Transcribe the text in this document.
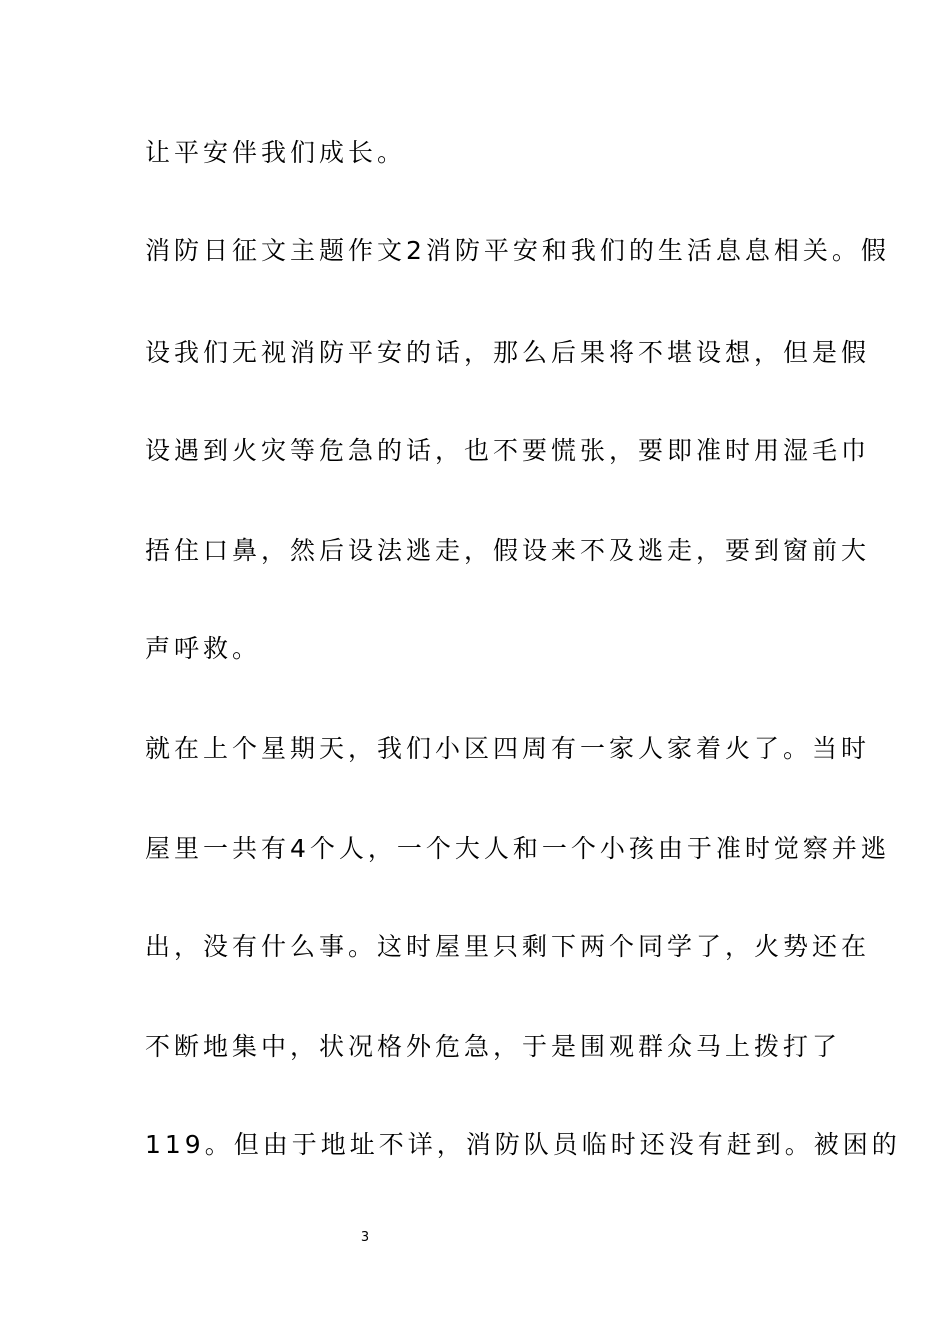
让平安伴我们成长。
消防日征文主题作文2消防平安和我们的生活息息相关。假
设我们无视消防平安的话，那么后果将不堪设想，但是假
设遇到火灾等危急的话，也不要慌张，要即准时用湿毛巾
捂住口鼻，然后设法逃走，假设来不及逃走，要到窗前大
声呼救。
就在上个星期天，我们小区四周有一家人家着火了。当时
屋里一共有4个人，一个大人和一个小孩由于准时觉察并逃
出，没有什么事。这时屋里只剩下两个同学了，火势还在
不断地集中，状况格外危急，于是围观群众马上拨打了
119。但由于地址不详，消防队员临时还没有赶到。被困的
3
